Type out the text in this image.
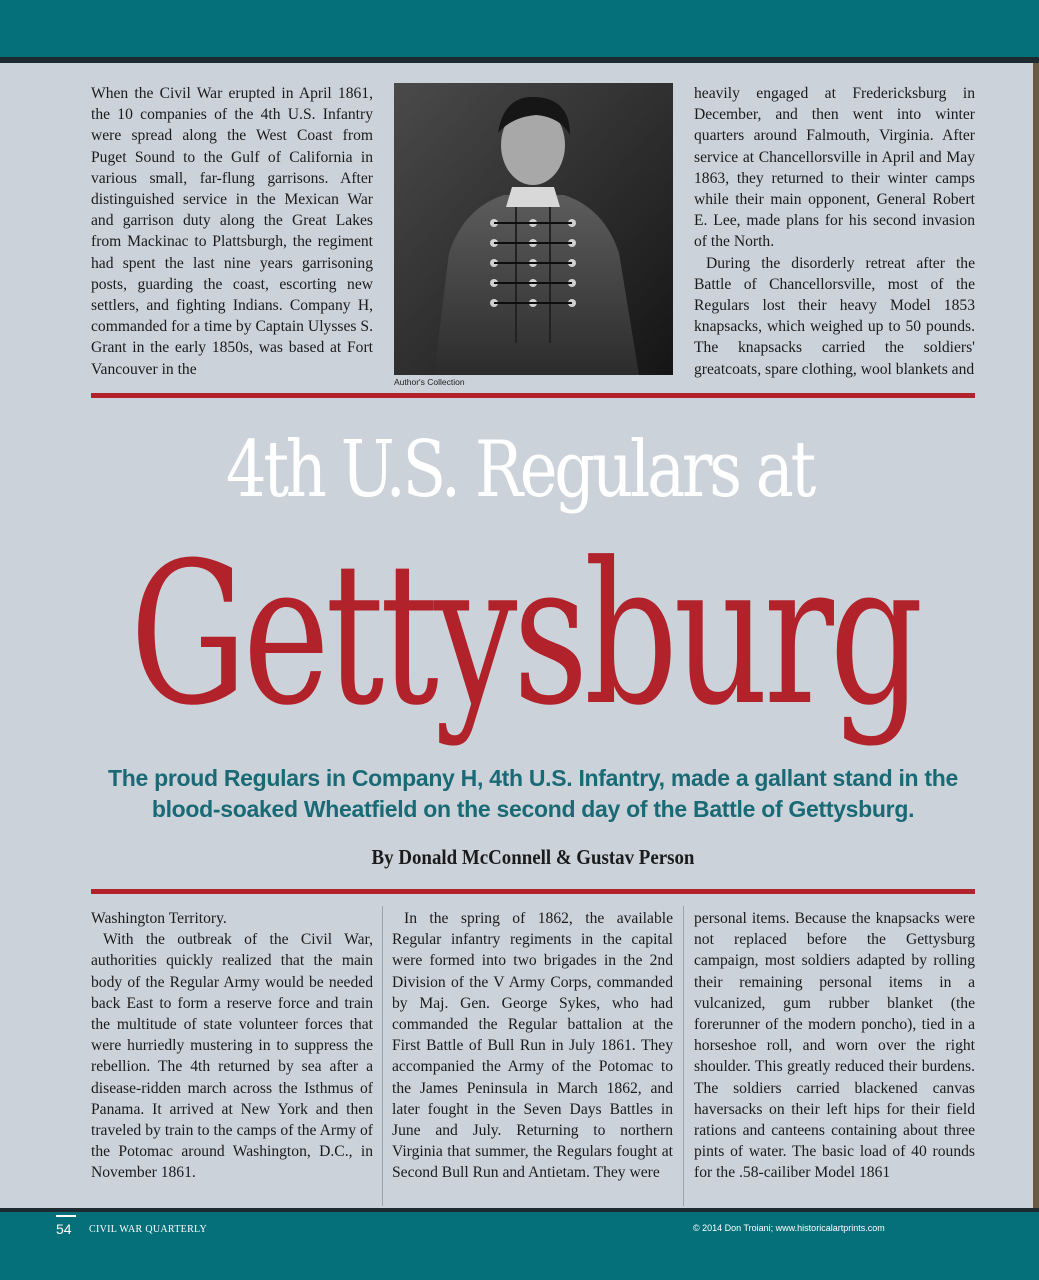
When the Civil War erupted in April 1861, the 10 companies of the 4th U.S. Infantry were spread along the West Coast from Puget Sound to the Gulf of California in various small, far-flung garrisons. After distinguished service in the Mexican War and garrison duty along the Great Lakes from Mackinac to Plattsburgh, the regiment had spent the last nine years garrisoning posts, guarding the coast, escorting new settlers, and fighting Indians. Company H, commanded for a time by Captain Ulysses S. Grant in the early 1850s, was based at Fort Vancouver in the

Author's Collection

heavily engaged at Fredericksburg in December, and then went into winter quarters around Falmouth, Virginia. After service at Chancellorsville in April and May 1863, they returned to their winter camps while their main opponent, General Robert E. Lee, made plans for his second invasion of the North.

During the disorderly retreat after the Battle of Chancellorsville, most of the Regulars lost their heavy Model 1853 knapsacks, which weighed up to 50 pounds. The knapsacks carried the soldiers' greatcoats, spare clothing, wool blankets and

4th U.S. Regulars at
Gettysburg
The proud Regulars in Company H, 4th U.S. Infantry, made a gallant stand in the blood-soaked Wheatfield on the second day of the Battle of Gettysburg.
By Donald McConnell & Gustav Person

Washington Territory.

With the outbreak of the Civil War, authorities quickly realized that the main body of the Regular Army would be needed back East to form a reserve force and train the multitude of state volunteer forces that were hurriedly mustering in to suppress the rebellion. The 4th returned by sea after a disease-ridden march across the Isthmus of Panama. It arrived at New York and then traveled by train to the camps of the Army of the Potomac around Washington, D.C., in November 1861.

In the spring of 1862, the available Regular infantry regiments in the capital were formed into two brigades in the 2nd Division of the V Army Corps, commanded by Maj. Gen. George Sykes, who had commanded the Regular battalion at the First Battle of Bull Run in July 1861. They accompanied the Army of the Potomac to the James Peninsula in March 1862, and later fought in the Seven Days Battles in June and July. Returning to northern Virginia that summer, the Regulars fought at Second Bull Run and Antietam. They were

personal items. Because the knapsacks were not replaced before the Gettysburg campaign, most soldiers adapted by rolling their remaining personal items in a vulcanized, gum rubber blanket (the forerunner of the modern poncho), tied in a horseshoe roll, and worn over the right shoulder. This greatly reduced their burdens. The soldiers carried blackened canvas haversacks on their left hips for their field rations and canteens containing about three pints of water. The basic load of 40 rounds for the .58-cailiber Model 1861

54 CIVIL WAR QUARTERLY	© 2014 Don Troiani; www.historicalartprints.com
